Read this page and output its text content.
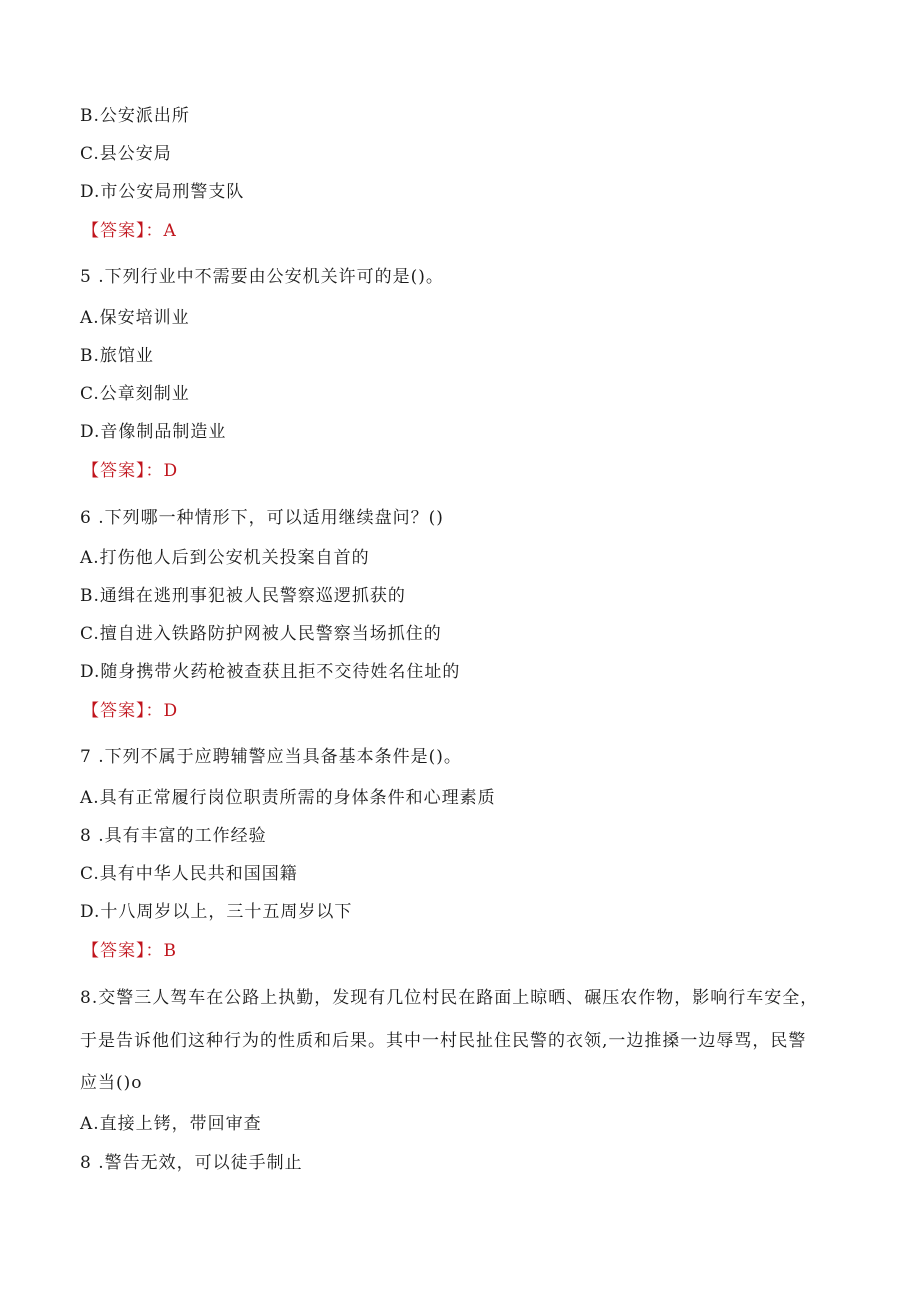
B.公安派出所
C.县公安局
D.市公安局刑警支队
【答案】：A
5 .下列行业中不需要由公安机关许可的是()。
A.保安培训业
B.旅馆业
C.公章刻制业
D.音像制品制造业
【答案】：D
6 .下列哪一种情形下，可以适用继续盘问？()
A.打伤他人后到公安机关投案自首的
B.通缉在逃刑事犯被人民警察巡逻抓获的
C.擅自进入铁路防护网被人民警察当场抓住的
D.随身携带火药枪被查获且拒不交待姓名住址的
【答案】：D
7 .下列不属于应聘辅警应当具备基本条件是()。
A.具有正常履行岗位职责所需的身体条件和心理素质
8 .具有丰富的工作经验
C.具有中华人民共和国国籍
D.十八周岁以上，三十五周岁以下
【答案】：B
8.交警三人驾车在公路上执勤，发现有几位村民在路面上晾晒、碾压农作物，影响行车安全，
于是告诉他们这种行为的性质和后果。其中一村民扯住民警的衣领,一边推搡一边辱骂，民警
应当()o
A.直接上铐，带回审查
8 .警告无效，可以徒手制止
